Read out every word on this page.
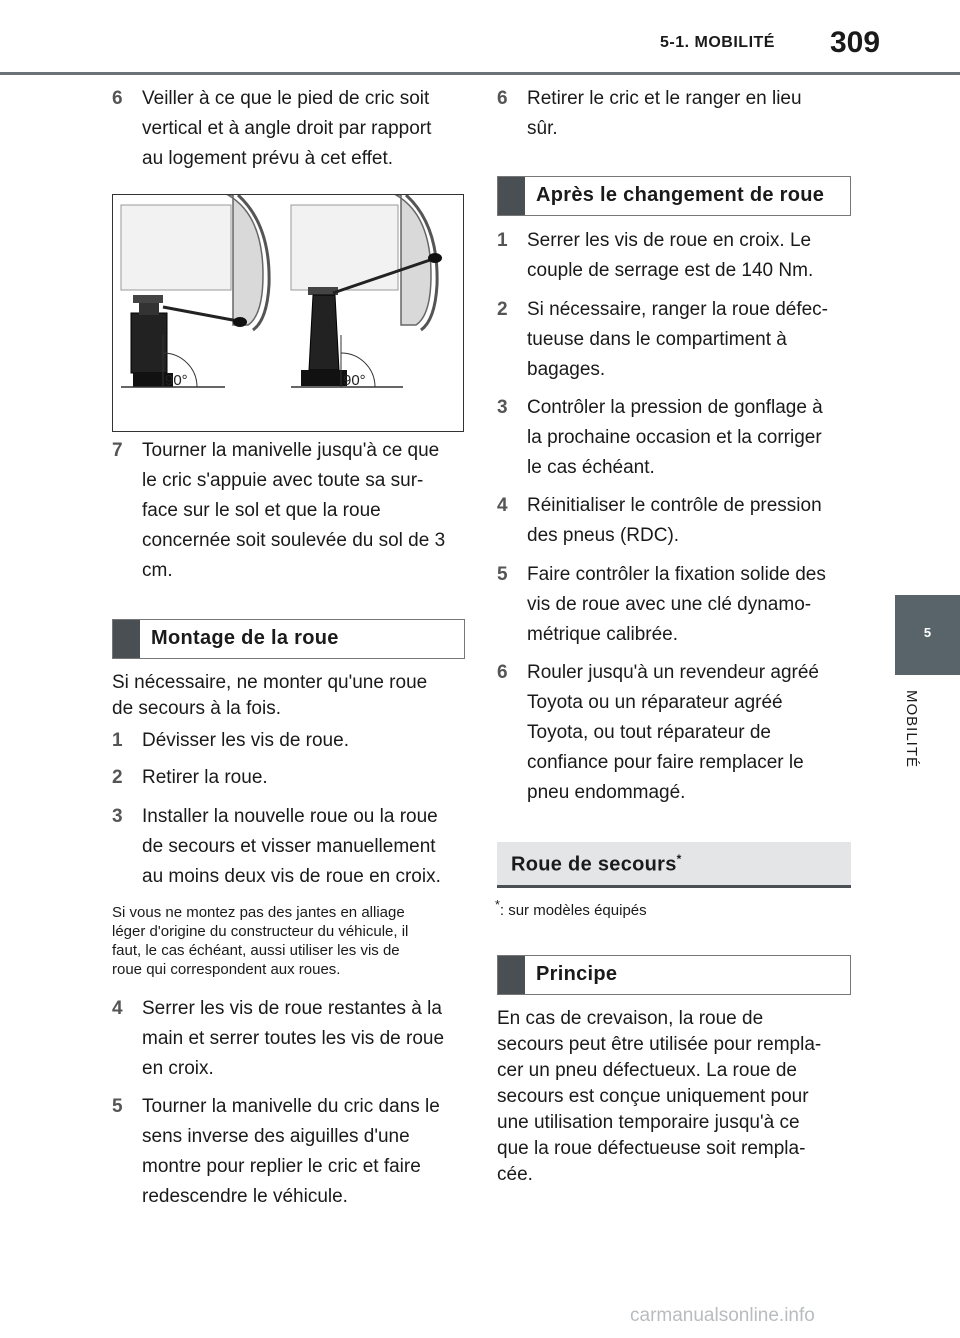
5-1. MOBILITÉ 309
5
MOBILITÉ
6 Veiller à ce que le pied de cric soit
vertical et à angle droit par rapport
au logement prévu à cet effet.
90°	90°
7 Tourner la manivelle jusqu'à ce que
le cric s'appuie avec toute sa sur-
face sur le sol et que la roue
concernée soit soulevée du sol de 3
cm.
Montage de la roue
Si nécessaire, ne monter qu'une roue
de secours à la fois.
1 Dévisser les vis de roue.
2 Retirer la roue.
3 Installer la nouvelle roue ou la roue
de secours et visser manuellement
au moins deux vis de roue en croix.
Si vous ne montez pas des jantes en alliage
léger d'origine du constructeur du véhicule, il
faut, le cas échéant, aussi utiliser les vis de
roue qui correspondent aux roues.
4 Serrer les vis de roue restantes à la
main et serrer toutes les vis de roue
en croix.
5 Tourner la manivelle du cric dans le
sens inverse des aiguilles d'une
montre pour replier le cric et faire
redescendre le véhicule.
6 Retirer le cric et le ranger en lieu
sûr.
Après le changement de roue
1 Serrer les vis de roue en croix. Le
couple de serrage est de 140 Nm.
2 Si nécessaire, ranger la roue défec-
tueuse dans le compartiment à
bagages.
3 Contrôler la pression de gonflage à
la prochaine occasion et la corriger
le cas échéant.
4 Réinitialiser le contrôle de pression
des pneus (RDC).
5 Faire contrôler la fixation solide des
vis de roue avec une clé dynamo-
métrique calibrée.
6 Rouler jusqu'à un revendeur agréé
Toyota ou un réparateur agréé
Toyota, ou tout réparateur de
confiance pour faire remplacer le
pneu endommagé.
Roue de secours*
*: sur modèles équipés
Principe
En cas de crevaison, la roue de
secours peut être utilisée pour rempla-
cer un pneu défectueux. La roue de
secours est conçue uniquement pour
une utilisation temporaire jusqu'à ce
que la roue défectueuse soit rempla-
cée.
carmanualsonline.info
